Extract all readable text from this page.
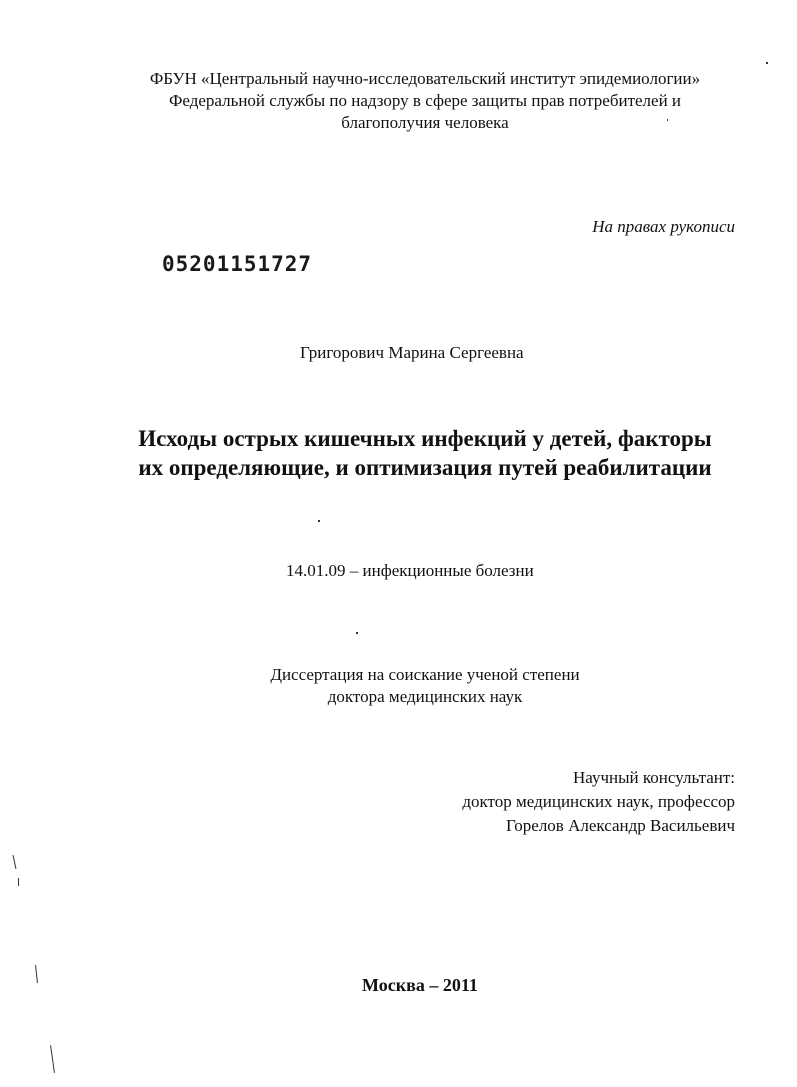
ФБУН «Центральный научно-исследовательский институт эпидемиологии»
Федеральной службы по надзору в сфере защиты прав потребителей и
благополучия человека
На правах рукописи
05201151727
Григорович Марина Сергеевна
Исходы острых кишечных инфекций у детей, факторы
их определяющие, и оптимизация путей реабилитации
14.01.09 – инфекционные болезни
Диссертация на соискание ученой степени
доктора медицинских наук
Научный консультант:
доктор медицинских наук, профессор
Горелов Александр Васильевич
Москва – 2011
